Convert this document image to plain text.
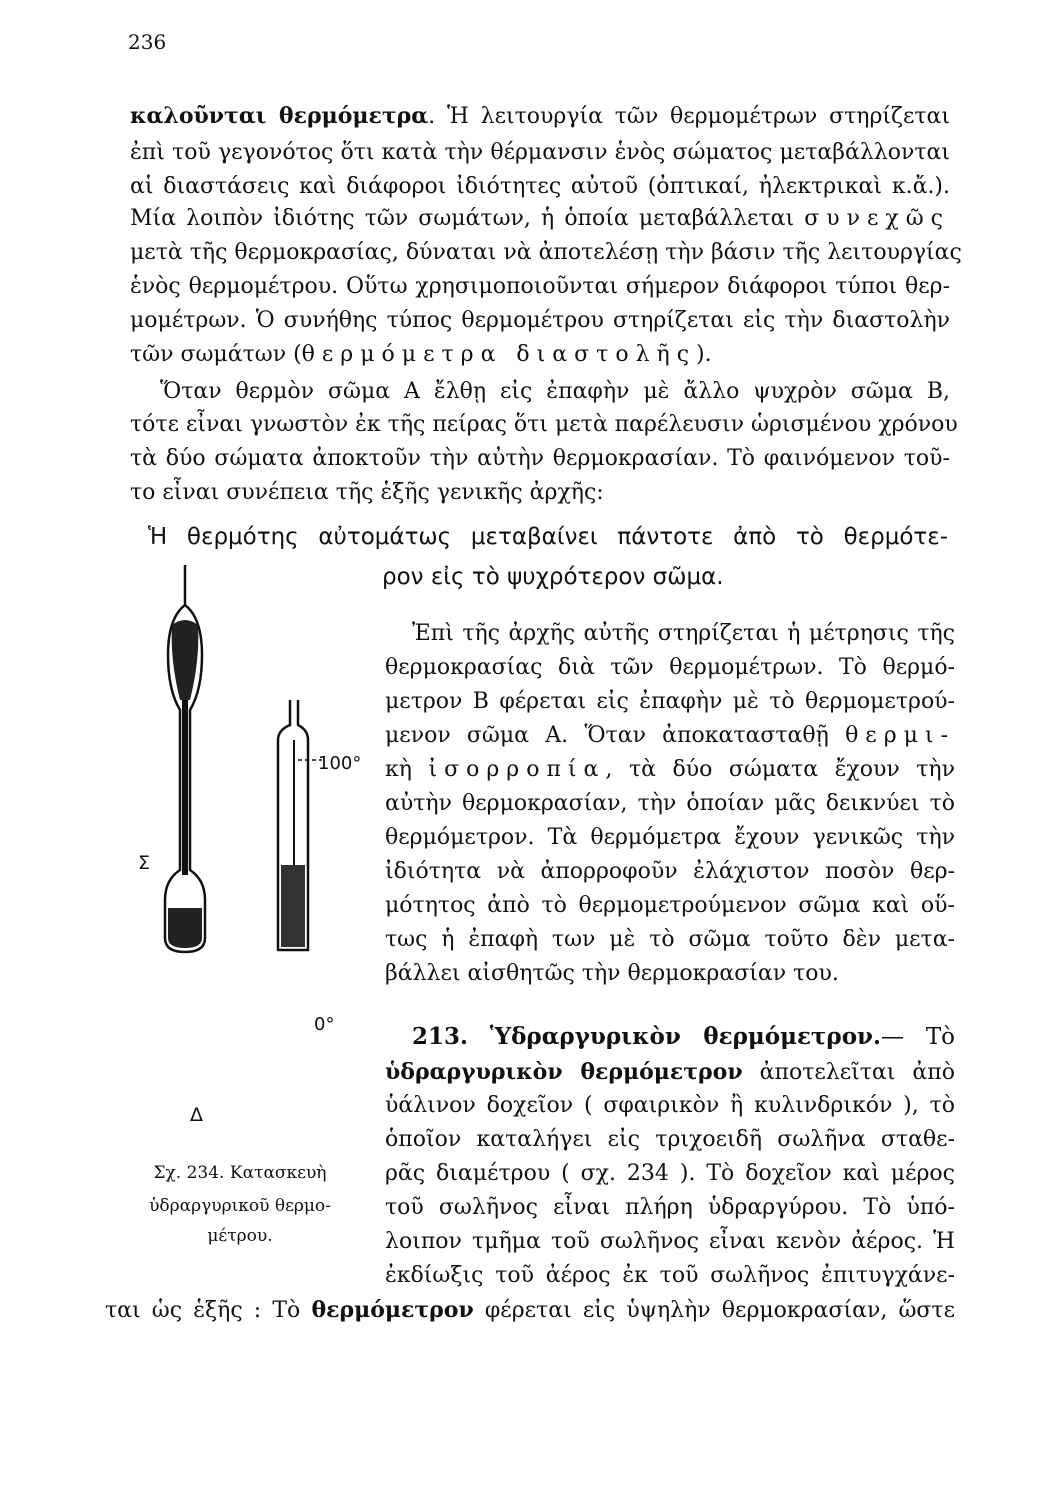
236
καλοῦνται θερμόμετρα. Ἡ λειτουργία τῶν θερμομέτρων στηρίζεται
ἐπὶ τοῦ γεγονότος ὅτι κατὰ τὴν θέρμανσιν ἑνὸς σώματος μεταβάλλονται
αἱ διαστάσεις καὶ διάφοροι ἰδιότητες αὐτοῦ (ὀπτικαί, ἠλεκτρικαὶ κ.ἄ.).
Μία λοιπὸν ἰδιότης τῶν σωμάτων, ἡ ὁποία μεταβάλλεται συνεχῶς
μετὰ τῆς θερμοκρασίας, δύναται νὰ ἀποτελέσῃ τὴν βάσιν τῆς λειτουργίας
ἑνὸς θερμομέτρου. Οὕτω χρησιμοποιοῦνται σήμερον διάφοροι τύποι θερ-
μομέτρων. Ὁ συνήθης τύπος θερμομέτρου στηρίζεται εἰς τὴν διαστολὴν
τῶν σωμάτων (θερμόμετρα διαστολῆς).
Ὅταν θερμὸν σῶμα Α ἔλθῃ εἰς ἐπαφὴν μὲ ἄλλο ψυχρὸν σῶμα Β,
τότε εἶναι γνωστὸν ἐκ τῆς πείρας ὅτι μετὰ παρέλευσιν ὡρισμένου χρόνου
τὰ δύο σώματα ἀποκτοῦν τὴν αὐτὴν θερμοκρασίαν. Τὸ φαινόμενον τοῦ-
το εἶναι συνέπεια τῆς ἑξῆς γενικῆς ἀρχῆς:
Ἡ θερμότης αὐτομάτως μεταβαίνει πάντοτε ἀπὸ τὸ θερμότε-
ρον εἰς τὸ ψυχρότερον σῶμα.
Ἐπὶ τῆς ἀρχῆς αὐτῆς στηρίζεται ἡ μέτρησις τῆς
θερμοκρασίας διὰ τῶν θερμομέτρων. Τὸ θερμό-
μετρον Β φέρεται εἰς ἐπαφὴν μὲ τὸ θερμομετρού-
μενον σῶμα Α. Ὅταν ἀποκατασταθῇ θερμι-
κὴ ἰσορροπία, τὰ δύο σώματα ἔχουν τὴν
αὐτὴν θερμοκρασίαν, τὴν ὁποίαν μᾶς δεικνύει τὸ
θερμόμετρον. Τὰ θερμόμετρα ἔχουν γενικῶς τὴν
ἰδιότητα νὰ ἀπορροφοῦν ἐλάχιστον ποσὸν θερ-
μότητος ἀπὸ τὸ θερμομετρούμενον σῶμα καὶ οὕ-
τως ἡ ἐπαφὴ των μὲ τὸ σῶμα τοῦτο δὲν μετα-
βάλλει αἰσθητῶς τὴν θερμοκρασίαν του.
213. Ὑδραργυρικὸν θερμόμετρον.— Τὸ
ὑδραργυρικὸν θερμόμετρον ἀποτελεῖται ἀπὸ
ὑάλινον δοχεῖον ( σφαιρικὸν ἢ κυλινδρικόν ), τὸ
ὁποῖον καταλήγει εἰς τριχοειδῆ σωλῆνα σταθε-
ρᾶς διαμέτρου ( σχ. 234 ). Τὸ δοχεῖον καὶ μέρος
τοῦ σωλῆνος εἶναι πλήρη ὑδραργύρου. Τὸ ὑπό-
λοιπον τμῆμα τοῦ σωλῆνος εἶναι κενὸν ἀέρος. Ἡ
ἐκδίωξις τοῦ ἀέρος ἐκ τοῦ σωλῆνος ἐπιτυγχάνε-
ται ὡς ἑξῆς : Τὸ θερμόμετρον φέρεται εἰς ὑψηλὴν θερμοκρασίαν, ὥστε
100°
0°
Σ
Δ
Σχ. 234. Κατασκευὴ
ὑδραργυρικοῦ θερμο-
μέτρου.
